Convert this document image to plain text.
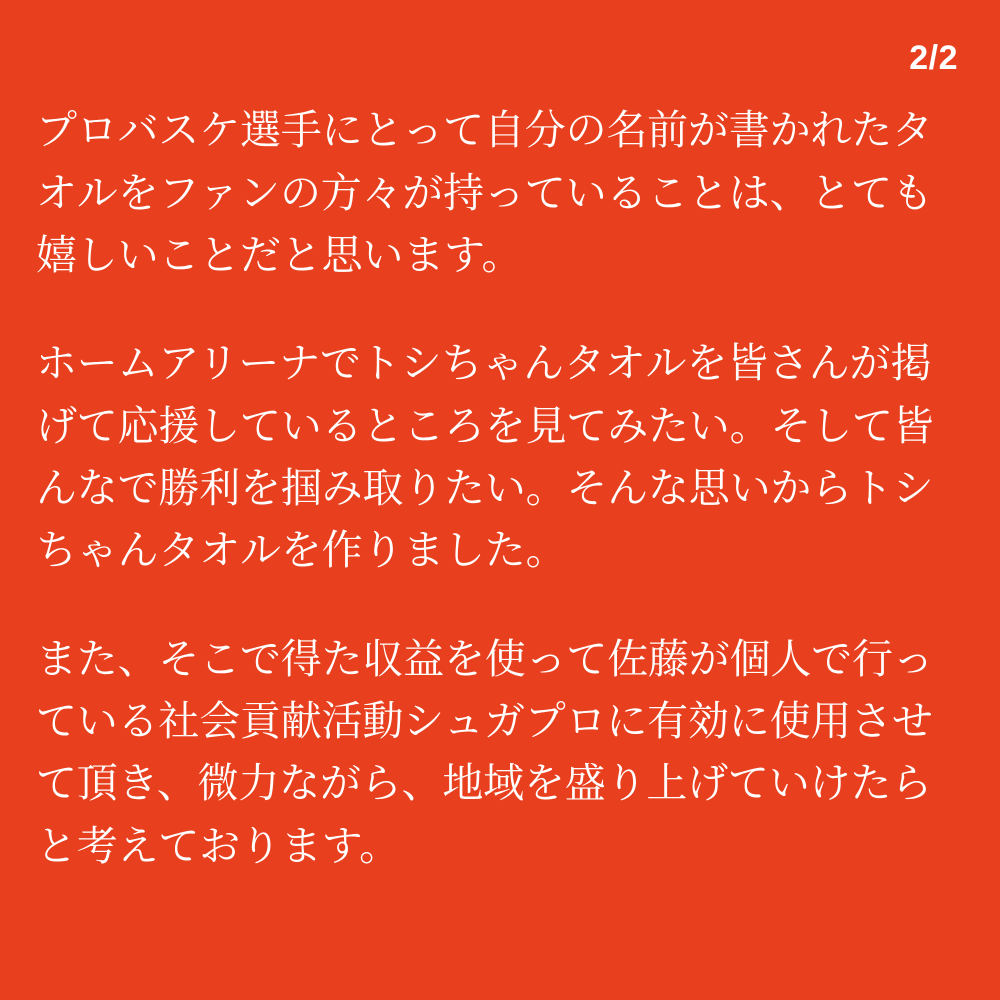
2/2

プロバスケ選手にとって自分の名前が書かれたタオルをファンの方々が持っていることは、とても嬉しいことだと思います。

ホームアリーナでトシちゃんタオルを皆さんが掲げて応援しているところを見てみたい。そして皆んなで勝利を掴み取りたい。そんな思いからトシちゃんタオルを作りました。

また、そこで得た収益を使って佐藤が個人で行っている社会貢献活動シュガプロに有効に使用させて頂き、微力ながら、地域を盛り上げていけたらと考えております。
